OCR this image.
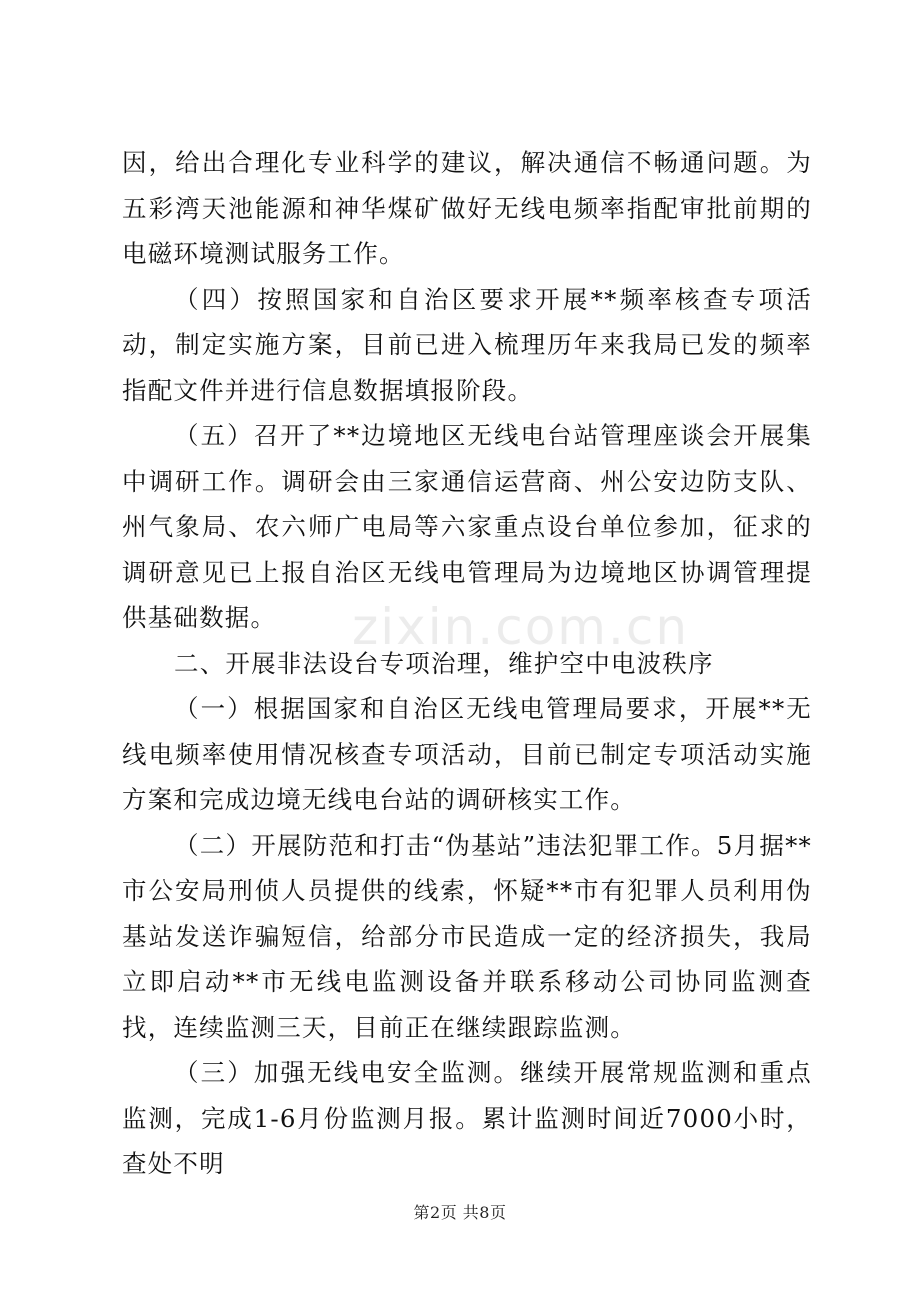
因，给出合理化专业科学的建议，解决通信不畅通问题。为五彩湾天池能源和神华煤矿做好无线电频率指配审批前期的电磁环境测试服务工作。

（四）按照国家和自治区要求开展**频率核查专项活动，制定实施方案，目前已进入梳理历年来我局已发的频率指配文件并进行信息数据填报阶段。

（五）召开了**边境地区无线电台站管理座谈会开展集中调研工作。调研会由三家通信运营商、州公安边防支队、州气象局、农六师广电局等六家重点设台单位参加，征求的调研意见已上报自治区无线电管理局为边境地区协调管理提供基础数据。

二、开展非法设台专项治理，维护空中电波秩序

（一）根据国家和自治区无线电管理局要求，开展**无线电频率使用情况核查专项活动，目前已制定专项活动实施方案和完成边境无线电台站的调研核实工作。

（二）开展防范和打击“伪基站”违法犯罪工作。5月据**市公安局刑侦人员提供的线索，怀疑**市有犯罪人员利用伪基站发送诈骗短信，给部分市民造成一定的经济损失，我局立即启动**市无线电监测设备并联系移动公司协同监测查找，连续监测三天，目前正在继续跟踪监测。

（三）加强无线电安全监测。继续开展常规监测和重点监测，完成1-6月份监测月报。累计监测时间近7000小时，查处不明

zixin.com.cn
第2页 共8页
